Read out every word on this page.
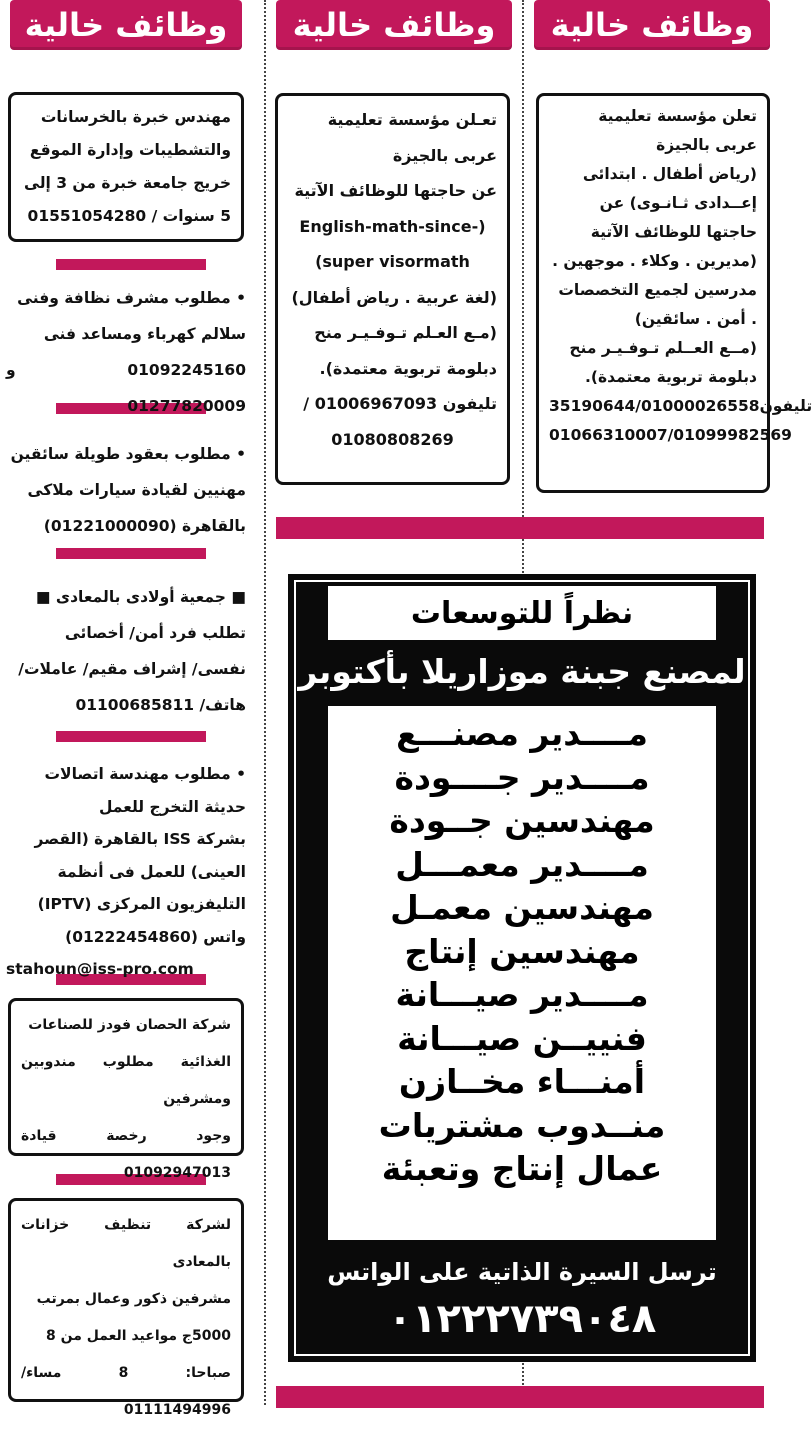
وظائف خالية

تعلن مؤسسة تعليمية

عربى بالجيزة

(رياض أطفال . ابتدائى

إعــدادى ثـانـوى) عن

حاجتها للوظائف الآتية

(مديرين . وكلاء . موجهين .

مدرسين لجميع التخصصات

. أمن . سائقين)

(مــع العــلم تـوفـيـر منح

دبلومة تربوية معتمدة).

تليفون35190644/01000026558

01066310007/01099982569

وظائف خالية

تعـلن مؤسسة تعليمية

عربى بالجيزة

عن حاجتها للوظائف الآتية

English-math-since-)

(super visormath

(لغة عربية . رياض أطفال)

(مـع العـلم تـوفـيـر منح

دبلومة تربوية معتمدة).

تليفون 01006967093 /

01080808269

وظائف خالية

مهندس خبرة بالخرسانات

والتشطيبات وإدارة الموقع

خريج جامعة خبرة من 3 إلى

5 سنوات / 01551054280

• مطلوب مشرف نظافة وفنى

سلالم كهرباء ومساعد فنى

01092245160 و 01277820009

• مطلوب بعقود طويلة سائقين

مهنيين لقيادة سيارات ملاكى

بالقاهرة (01221000090)

■ جمعية أولادى بالمعادى ■

تطلب فرد أمن/ أخصائى

نفسى/ إشراف مقيم/ عاملات/

هاتف/ 01100685811

• مطلوب مهندسة اتصالات

حديثة التخرج للعمل

بشركة ISS بالقاهرة (القصر

العينى) للعمل فى أنظمة

التليفزيون المركزى (IPTV)

واتس (01222454860)

stahoun@iss-pro.com

شركة الحصان فودز للصناعات

الغذائية مطلوب مندوبين ومشرفين

وجود رخصة قيادة 01092947013

لشركة تنظيف خزانات بالمعادى

مشرفين ذكور وعمال بمرتب

5000ج مواعيد العمل من 8

صباحا: 8 مساء/ 01111494996

نظراً للتوسعات
لمصنع جبنة موزاريلا بأكتوبر
مــــدير مصنـــع
مــــدير جــــودة
مهندسين جــودة
مــــدير معمـــل
مهندسين معمـل
مهندسين إنتاج
مــــدير صيـــانة
فنييــن صيـــانة
أمنـــاء مخــازن
منــدوب مشتريات
عمال إنتاج وتعبئة
ترسل السيرة الذاتية على الواتس
٠١٢٢٢٧٣٩٠٤٨
